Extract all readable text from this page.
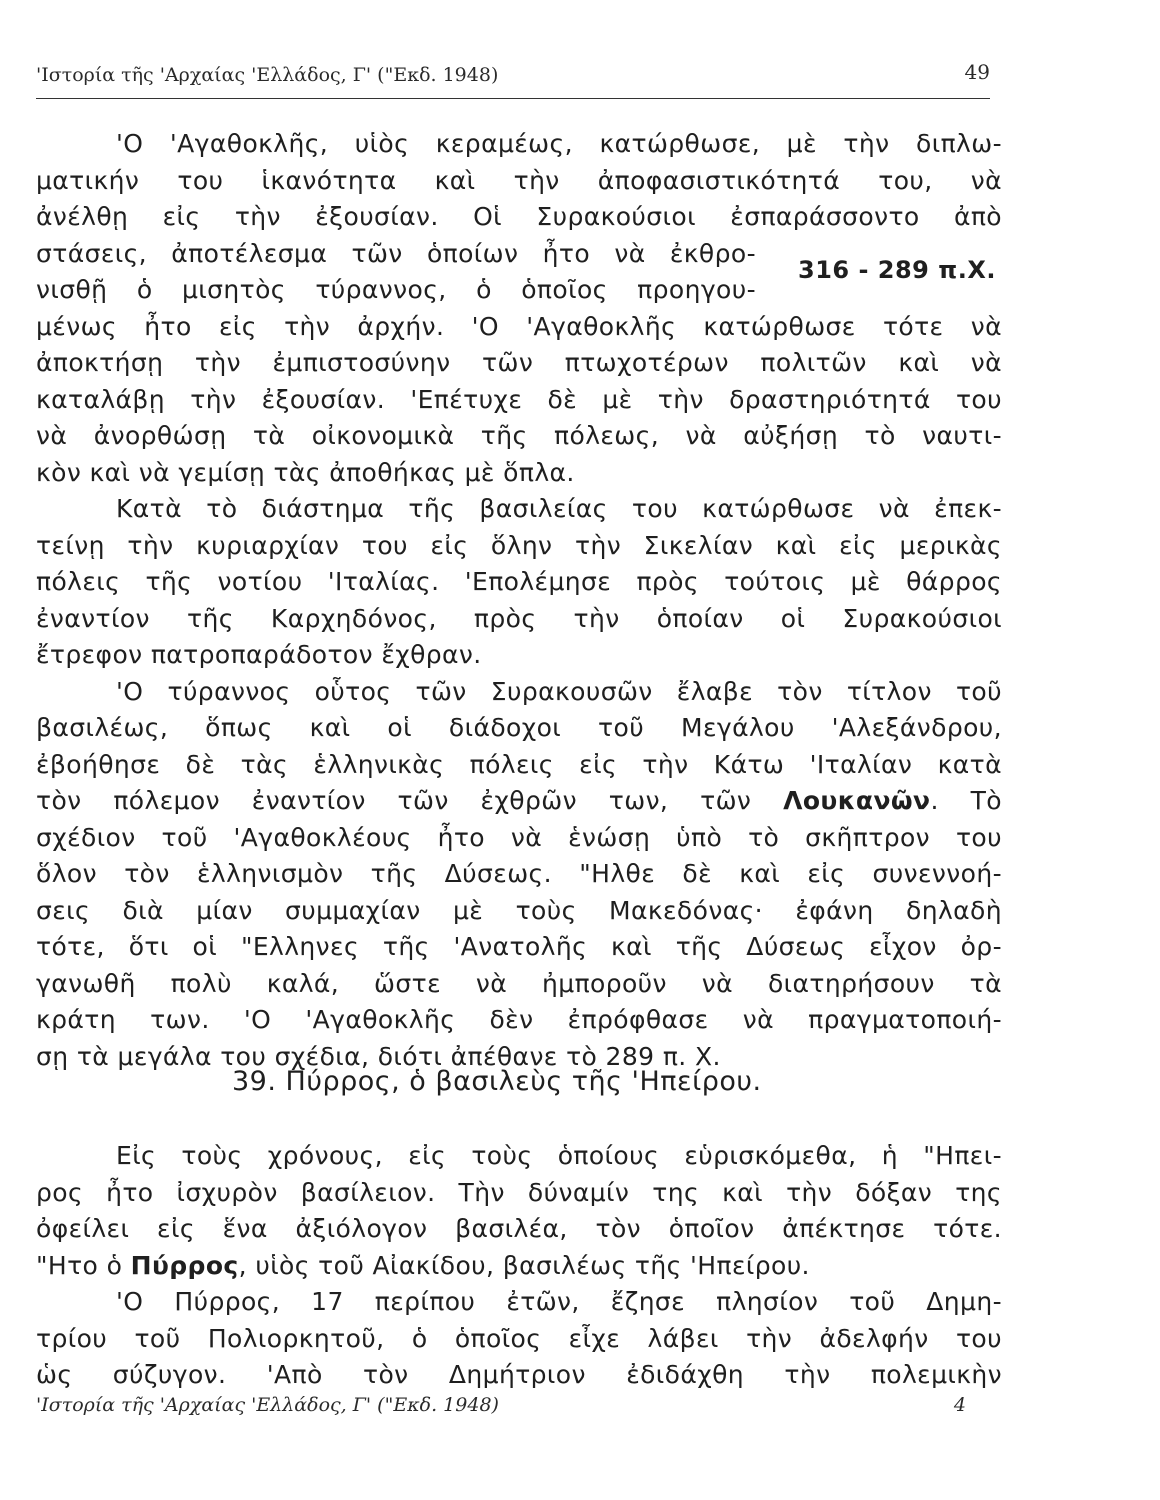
'Ιστορία τῆς 'Αρχαίας 'Ελλάδος, Γ' ("Εκδ. 1948)	49
316 - 289 π.Χ.
'Ο 'Αγαθοκλῆς, υἱὸς κεραμέως, κατώρθωσε, μὲ τὴν διπλω-
ματικήν του ἱκανότητα καὶ τὴν ἀποφασιστικότητά του, νὰ
ἀνέλθῃ εἰς τὴν ἐξουσίαν. Οἱ Συρακούσιοι ἐσπαράσσοντο ἀπὸ
στάσεις, ἀποτέλεσμα τῶν ὁποίων ἦτο νὰ ἐκθρο-
νισθῇ ὁ μισητὸς τύραννος, ὁ ὁποῖος προηγου-
μένως ἦτο εἰς τὴν ἀρχήν. 'Ο 'Αγαθοκλῆς κατώρθωσε τότε νὰ
ἀποκτήσῃ τὴν ἐμπιστοσύνην τῶν πτωχοτέρων πολιτῶν καὶ νὰ
καταλάβῃ τὴν ἐξουσίαν. 'Επέτυχε δὲ μὲ τὴν δραστηριότητά του
νὰ ἀνορθώσῃ τὰ οἰκονομικὰ τῆς πόλεως, νὰ αὐξήσῃ τὸ ναυτι-
κὸν καὶ νὰ γεμίσῃ τὰς ἀποθήκας μὲ ὅπλα.
Κατὰ τὸ διάστημα τῆς βασιλείας του κατώρθωσε νὰ ἐπεκ-
τείνῃ τὴν κυριαρχίαν του εἰς ὅλην τὴν Σικελίαν καὶ εἰς μερικὰς
πόλεις τῆς νοτίου 'Ιταλίας. 'Επολέμησε πρὸς τούτοις μὲ θάρρος
ἐναντίον τῆς Καρχηδόνος, πρὸς τὴν ὁποίαν οἱ Συρακούσιοι
ἔτρεφον πατροπαράδοτον ἔχθραν.
'Ο τύραννος οὗτος τῶν Συρακουσῶν ἔλαβε τὸν τίτλον τοῦ
βασιλέως, ὅπως καὶ οἱ διάδοχοι τοῦ Μεγάλου 'Αλεξάνδρου,
ἐβοήθησε δὲ τὰς ἑλληνικὰς πόλεις εἰς τὴν Κάτω 'Ιταλίαν κατὰ
τὸν πόλεμον ἐναντίον τῶν ἐχθρῶν των, τῶν Λουκανῶν. Τὸ
σχέδιον τοῦ 'Αγαθοκλέους ἦτο νὰ ἑνώσῃ ὑπὸ τὸ σκῆπτρον του
ὅλον τὸν ἑλληνισμὸν τῆς Δύσεως. "Ηλθε δὲ καὶ εἰς συνεννοή-
σεις διὰ μίαν συμμαχίαν μὲ τοὺς Μακεδόνας· ἐφάνη δηλαδὴ
τότε, ὅτι οἱ "Ελληνες τῆς 'Ανατολῆς καὶ τῆς Δύσεως εἶχον ὀρ-
γανωθῆ πολὺ καλά, ὥστε νὰ ἠμποροῦν νὰ διατηρήσουν τὰ
κράτη των. 'Ο 'Αγαθοκλῆς δὲν ἐπρόφθασε νὰ πραγματοποιή-
σῃ τὰ μεγάλα του σχέδια, διότι ἀπέθανε τὸ 289 π. Χ.
39. Πύρρος, ὁ βασιλεὺς τῆς 'Ηπείρου.
Εἰς τοὺς χρόνους, εἰς τοὺς ὁποίους εὑρισκόμεθα, ἡ "Ηπει-
ρος ἦτο ἰσχυρὸν βασίλειον. Τὴν δύναμίν της καὶ τὴν δόξαν της
ὀφείλει εἰς ἕνα ἀξιόλογον βασιλέα, τὸν ὁποῖον ἀπέκτησε τότε.
"Ητο ὁ Πύρρος, υἱὸς τοῦ Αἰακίδου, βασιλέως τῆς 'Ηπείρου.
'Ο Πύρρος, 17 περίπου ἐτῶν, ἔζησε πλησίον τοῦ Δημη-
τρίου τοῦ Πολιορκητοῦ, ὁ ὁποῖος εἶχε λάβει τὴν ἀδελφήν του
ὡς σύζυγον. 'Απὸ τὸν Δημήτριον ἐδιδάχθη τὴν πολεμικὴν
'Ιστορία τῆς 'Αρχαίας 'Ελλάδος, Γ' ("Εκδ. 1948)	4
